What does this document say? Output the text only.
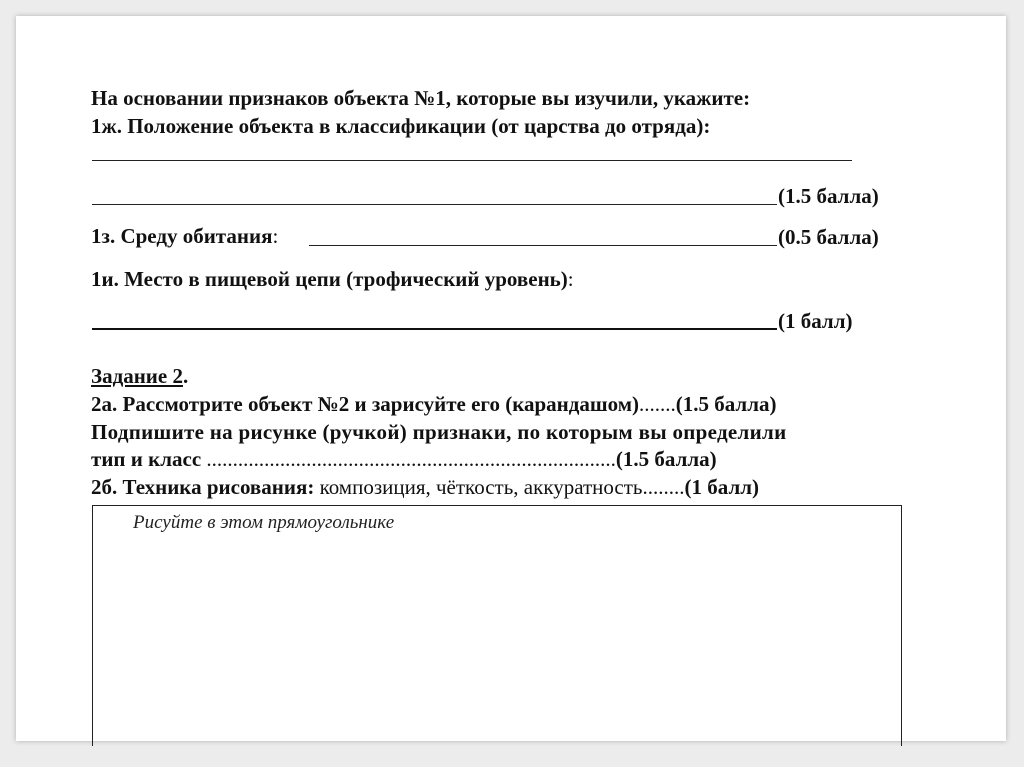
На основании признаков объекта №1, которые вы изучили, укажите:
1ж. Положение объекта в классификации (от царства до отряда):
(1.5 балла)
1з. Среду обитания:	(0.5 балла)
1и. Место в пищевой цепи (трофический уровень):
(1 балл)
Задание 2.
2а. Рассмотрите объект №2 и зарисуйте его (карандашом).......(1.5 балла)
Подпишите на рисунке (ручкой) признаки, по которым вы определили
тип и класс ..............................................................................(1.5 балла)
2б. Техника рисования: композиция, чёткость, аккуратность........(1 балл)
Рисуйте в этом прямоугольнике
